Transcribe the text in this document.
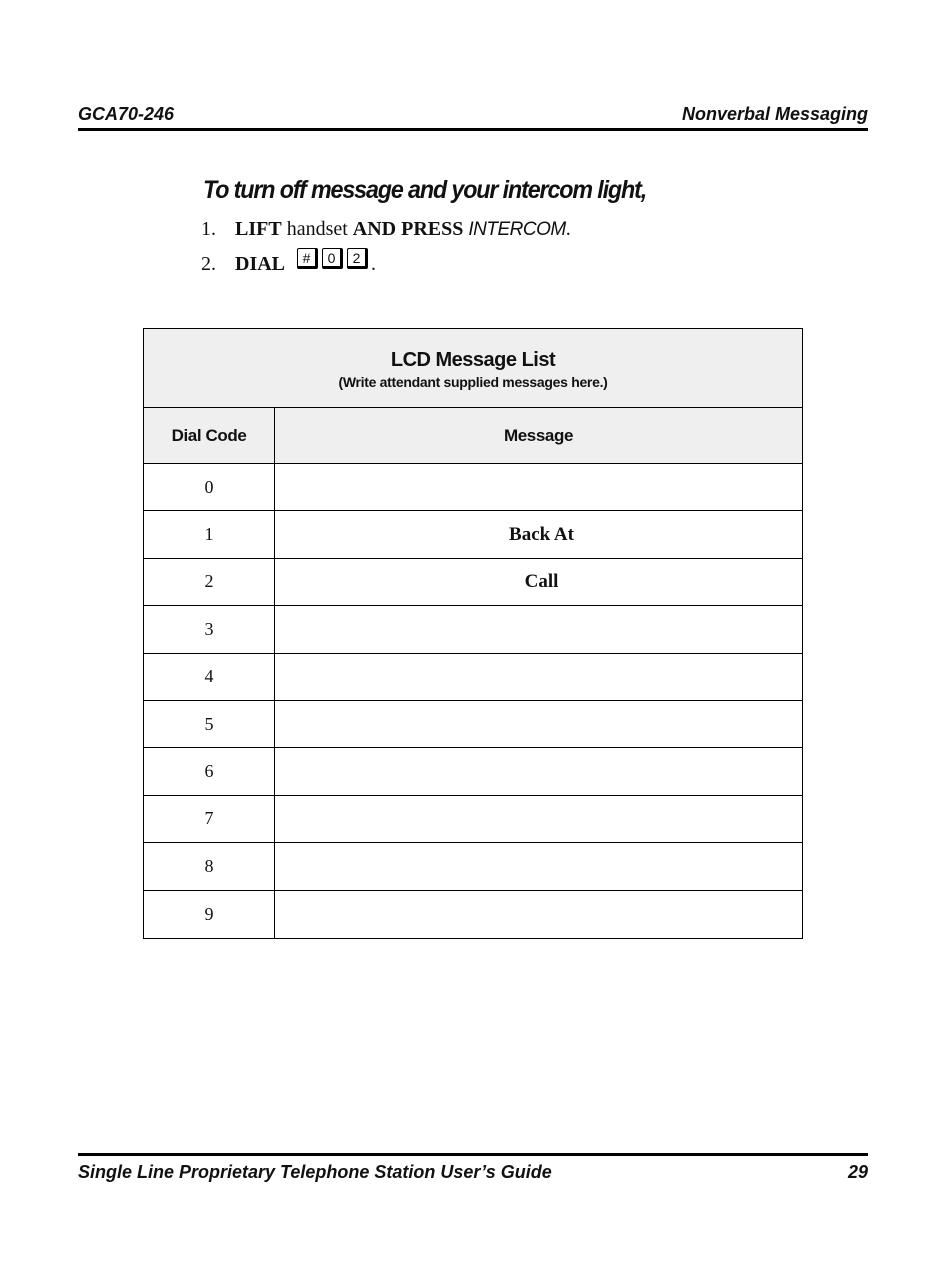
GCA70-246	Nonverbal Messaging
To turn off message and your intercom light,
1. LIFT handset AND PRESS INTERCOM.
2. DIAL	#	0	2 .
LCD Message List
(Write attendant supplied messages here.)
Dial Code	Message
0
1	Back At
2	Call
3
4
5
6
7
8
9
Single Line Proprietary Telephone Station User’s Guide	29
